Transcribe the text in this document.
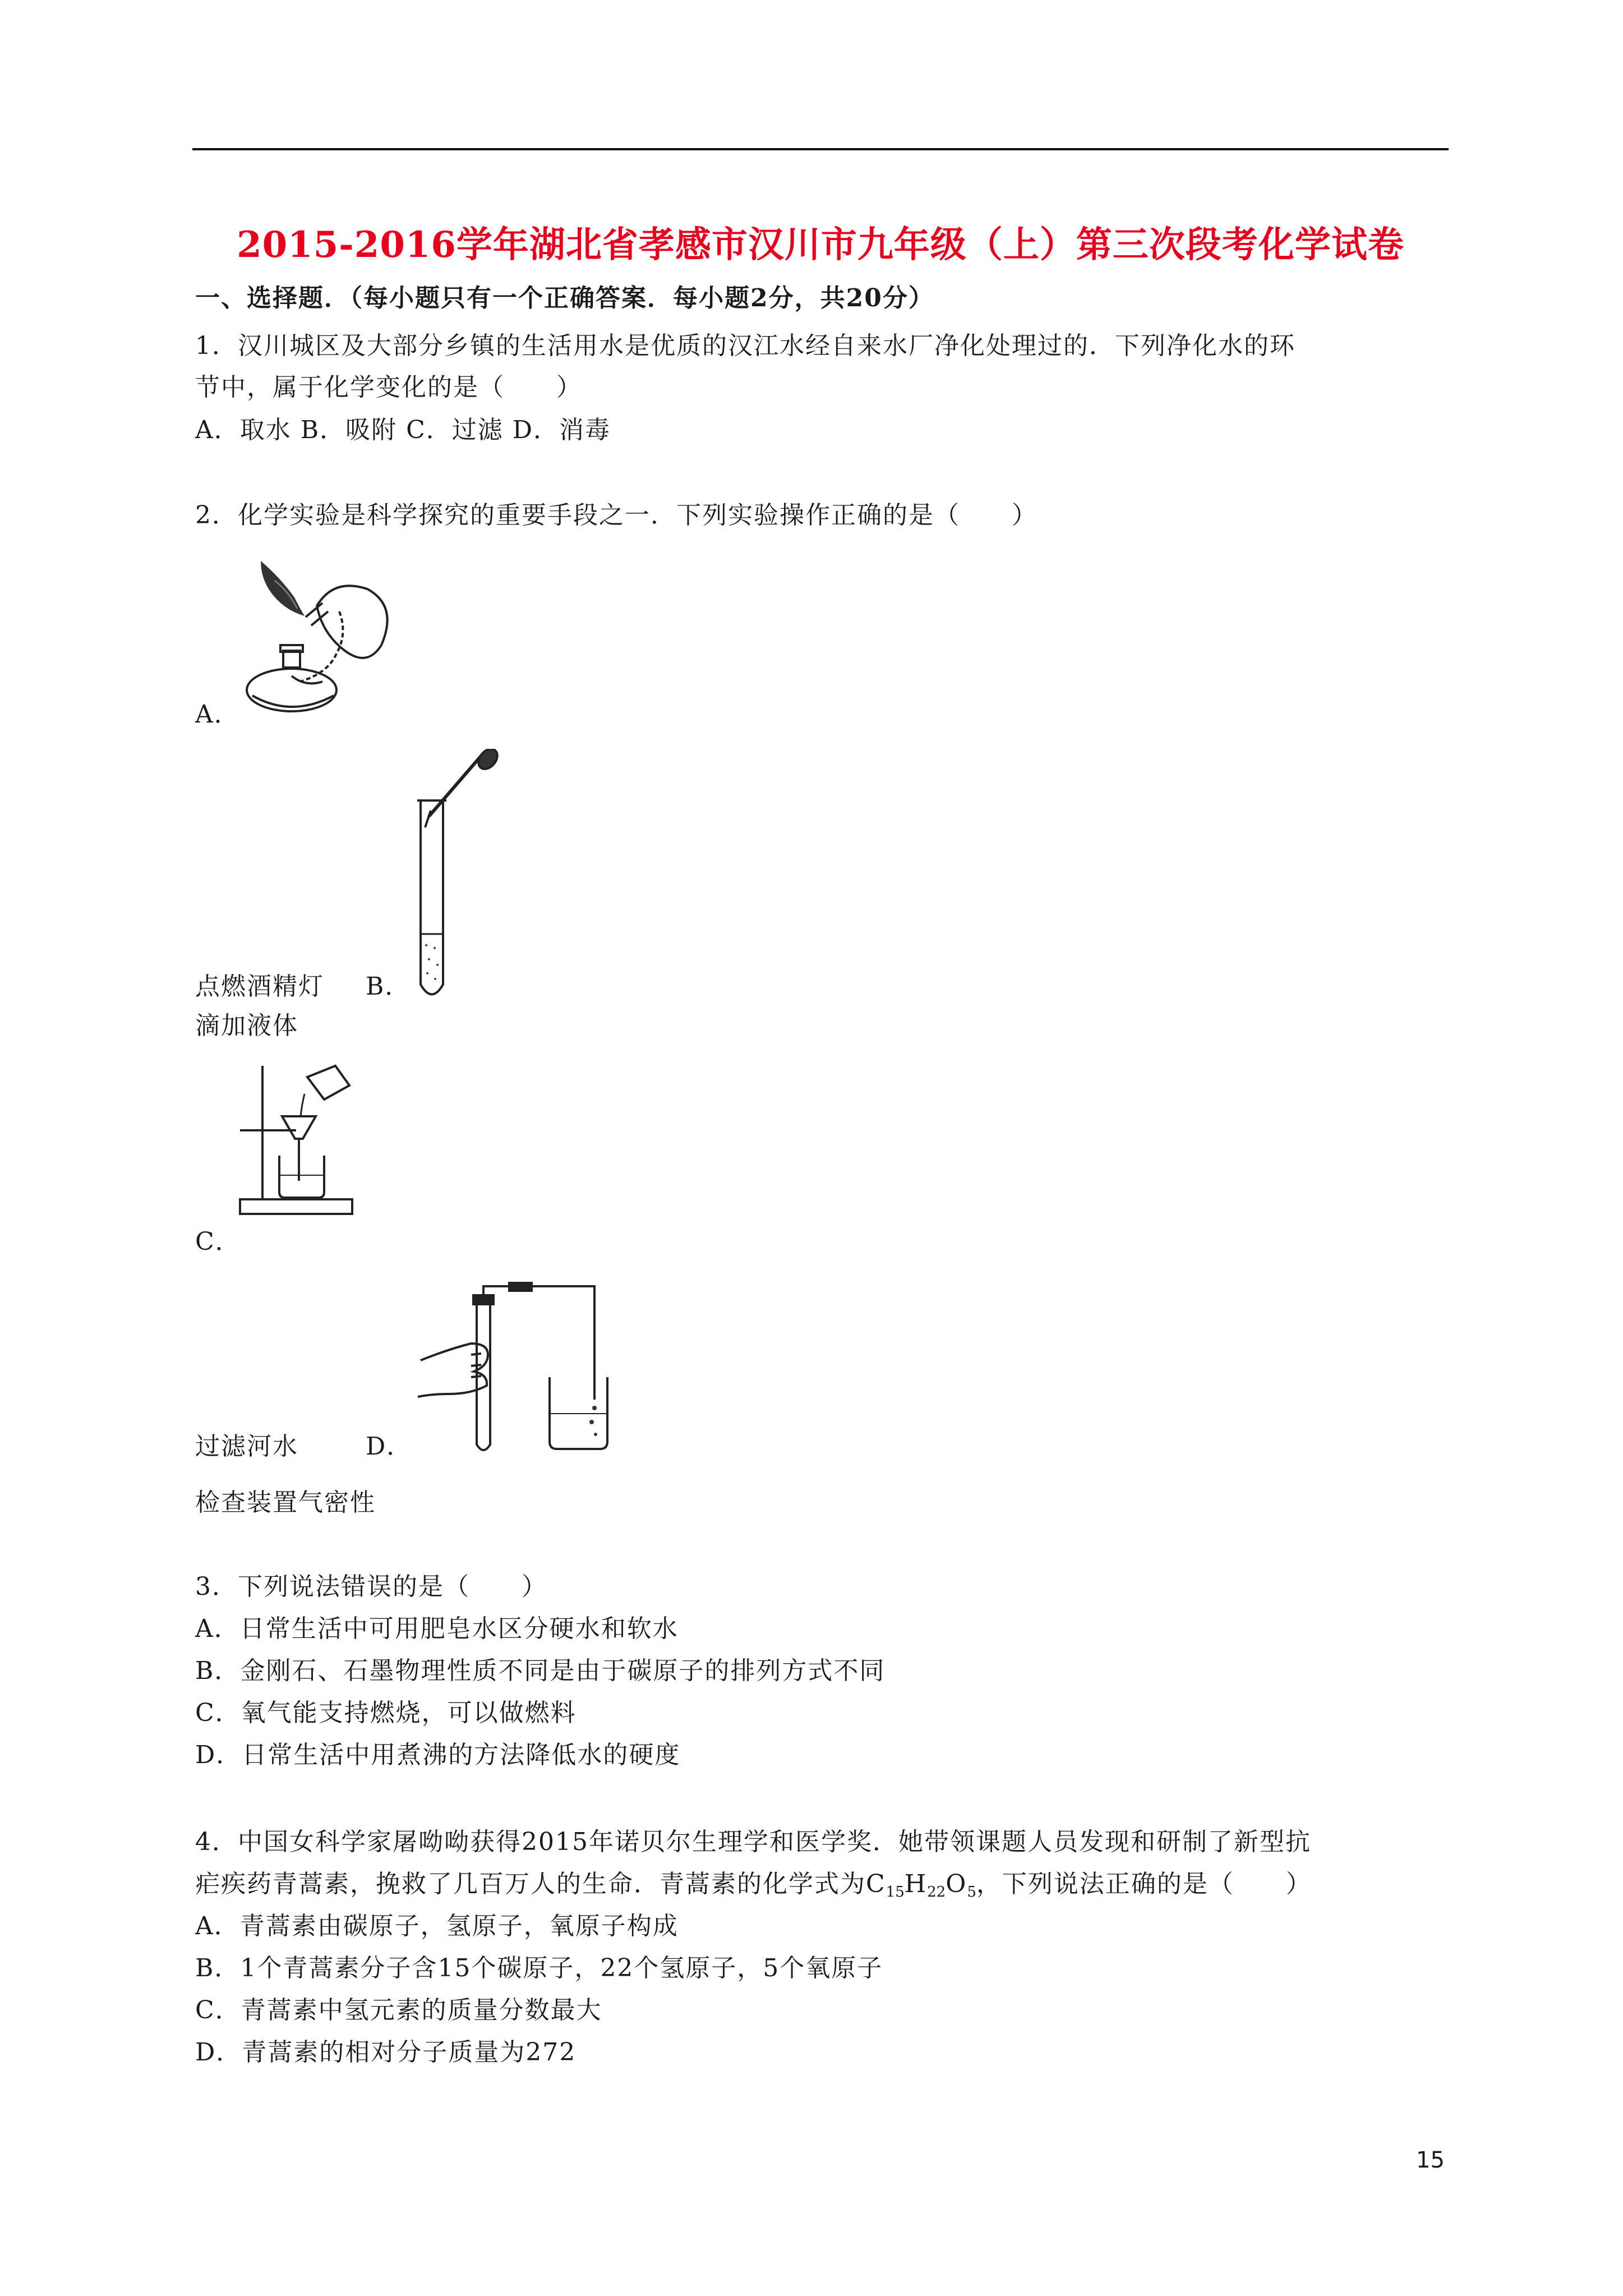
2015-2016学年湖北省孝感市汉川市九年级（上）第三次段考化学试卷
一、选择题．（每小题只有一个正确答案．每小题2分，共20分）
1．汉川城区及大部分乡镇的生活用水是优质的汉江水经自来水厂净化处理过的．下列净化水的环
节中，属于化学变化的是（　　）
A．取水 B．吸附 C．过滤 D．消毒
2．化学实验是科学探究的重要手段之一．下列实验操作正确的是（　　）
A．
点燃酒精灯 B．
滴加液体
C．
过滤河水	D．
检查装置气密性
3．下列说法错误的是（　　）
A．日常生活中可用肥皂水区分硬水和软水
B．金刚石、石墨物理性质不同是由于碳原子的排列方式不同
C．氧气能支持燃烧，可以做燃料
D．日常生活中用煮沸的方法降低水的硬度
4．中国女科学家屠呦呦获得2015年诺贝尔生理学和医学奖．她带领课题人员发现和研制了新型抗
疟疾药青蒿素，挽救了几百万人的生命．青蒿素的化学式为$C_{15}H_{22}O_5$，下列说法正确的是（　　）
A．青蒿素由碳原子，氢原子，氧原子构成
B．1个青蒿素分子含15个碳原子，22个氢原子，5个氧原子
C．青蒿素中氢元素的质量分数最大
D．青蒿素的相对分子质量为272
15
